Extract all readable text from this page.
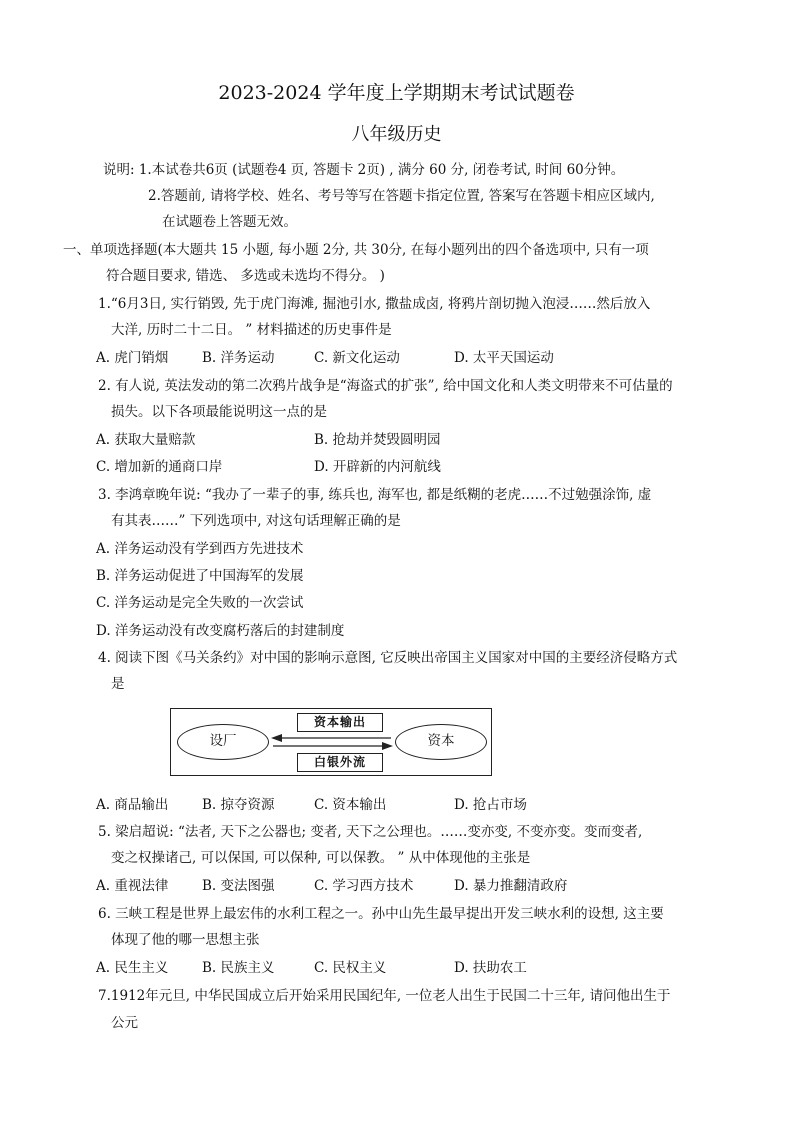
2023-2024 学年度上学期期末考试试题卷
八年级历史
说明: 1.本试卷共6页 (试题卷4 页, 答题卡 2页) , 满分 60 分, 闭卷考试, 时间 60分钟。
2.答题前, 请将学校、姓名、考号等写在答题卡指定位置, 答案写在答题卡相应区域内,
在试题卷上答题无效。
一、单项选择题(本大题共 15 小题, 每小题 2分, 共 30分, 在每小题列出的四个备选项中, 只有一项
符合题目要求, 错选、 多选或未选均不得分。 )
1.“6月3日, 实行销毁, 先于虎门海滩, 掘池引水, 撒盐成卤, 将鸦片剖切抛入泡浸……然后放入
大洋, 历时二十二日。 ” 材料描述的历史事件是
A. 虎门销烟 B. 洋务运动	C. 新文化运动	D. 太平天国运动
2. 有人说, 英法发动的第二次鸦片战争是“海盗式的扩张”, 给中国文化和人类文明带来不可估量的
损失。以下各项最能说明这一点的是
A. 获取大量赔款	B. 抢劫并焚毁圆明园
C. 增加新的通商口岸	D. 开辟新的内河航线
3. 李鸿章晚年说: “我办了一辈子的事, 练兵也, 海军也, 都是纸糊的老虎……不过勉强涂饰, 虚
有其表……” 下列选项中, 对这句话理解正确的是
A. 洋务运动没有学到西方先进技术
B. 洋务运动促进了中国海军的发展
C. 洋务运动是完全失败的一次尝试
D. 洋务运动没有改变腐朽落后的封建制度
4. 阅读下图《马关条约》对中国的影响示意图, 它反映出帝国主义国家对中国的主要经济侵略方式
是
设厂	资本
资本输出
白银外流
A. 商品输出 B. 掠夺资源	C. 资本输出	D. 抢占市场
5. 梁启超说: “法者, 天下之公器也; 变者, 天下之公理也。……变亦变, 不变亦变。变而变者,
变之权操诸己, 可以保国, 可以保种, 可以保教。 ” 从中体现他的主张是
A. 重视法律 B. 变法图强	C. 学习西方技术	D. 暴力推翻清政府
6. 三峡工程是世界上最宏伟的水利工程之一。孙中山先生最早提出开发三峡水利的设想, 这主要
体现了他的哪一思想主张
A. 民生主义 B. 民族主义	C. 民权主义	D. 扶助农工
7.1912年元旦, 中华民国成立后开始采用民国纪年, 一位老人出生于民国二十三年, 请问他出生于
公元
